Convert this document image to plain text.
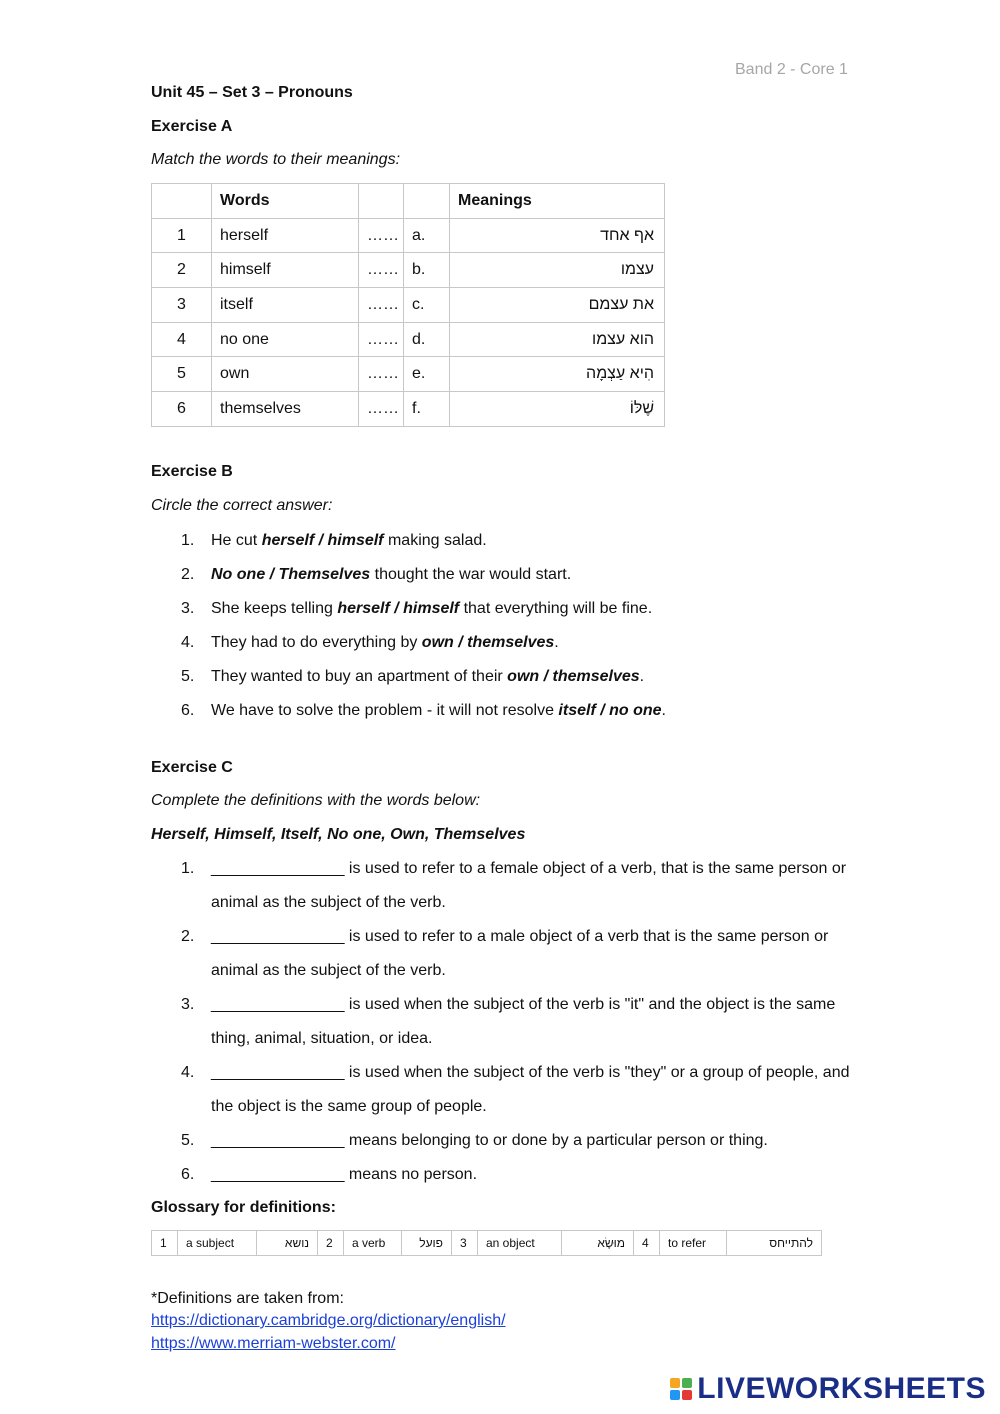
Band 2 - Core 1
Unit 45 – Set 3 – Pronouns
Exercise A
Match the words to their meanings:
	Words			Meanings
1	herself	……	a.	אף אחד
2	himself	……	b.	עצמו
3	itself	……	c.	את עצמם
4	no one	……	d.	הוא עצמו
5	own	……	e.	הִיא עַצְמָה
6	themselves	……	f.	שֶׁלּוֹ
Exercise B
Circle the correct answer:
1. He cut herself / himself making salad.
2. No one / Themselves thought the war would start.
3. She keeps telling herself / himself that everything will be fine.
4. They had to do everything by own / themselves.
5. They wanted to buy an apartment of their own / themselves.
6. We have to solve the problem - it will not resolve itself / no one.
Exercise C
Complete the definitions with the words below:
Herself, Himself, Itself, No one, Own, Themselves
1. _______________ is used to refer to a female object of a verb, that is the same person or animal as the subject of the verb.
2. _______________ is used to refer to a male object of a verb that is the same person or animal as the subject of the verb.
3. _______________ is used when the subject of the verb is "it" and the object is the same thing, animal, situation, or idea.
4. _______________ is used when the subject of the verb is "they" or a group of people, and the object is the same group of people.
5. _______________ means belonging to or done by a particular person or thing.
6. _______________ means no person.
Glossary for definitions:
1	a subject	נושא	2	a verb	פועל	3	an object	מוּשָׂא	4	to refer	להתייחס
*Definitions are taken from:
https://dictionary.cambridge.org/dictionary/english/
https://www.merriam-webster.com/
LIVEWORKSHEETS
